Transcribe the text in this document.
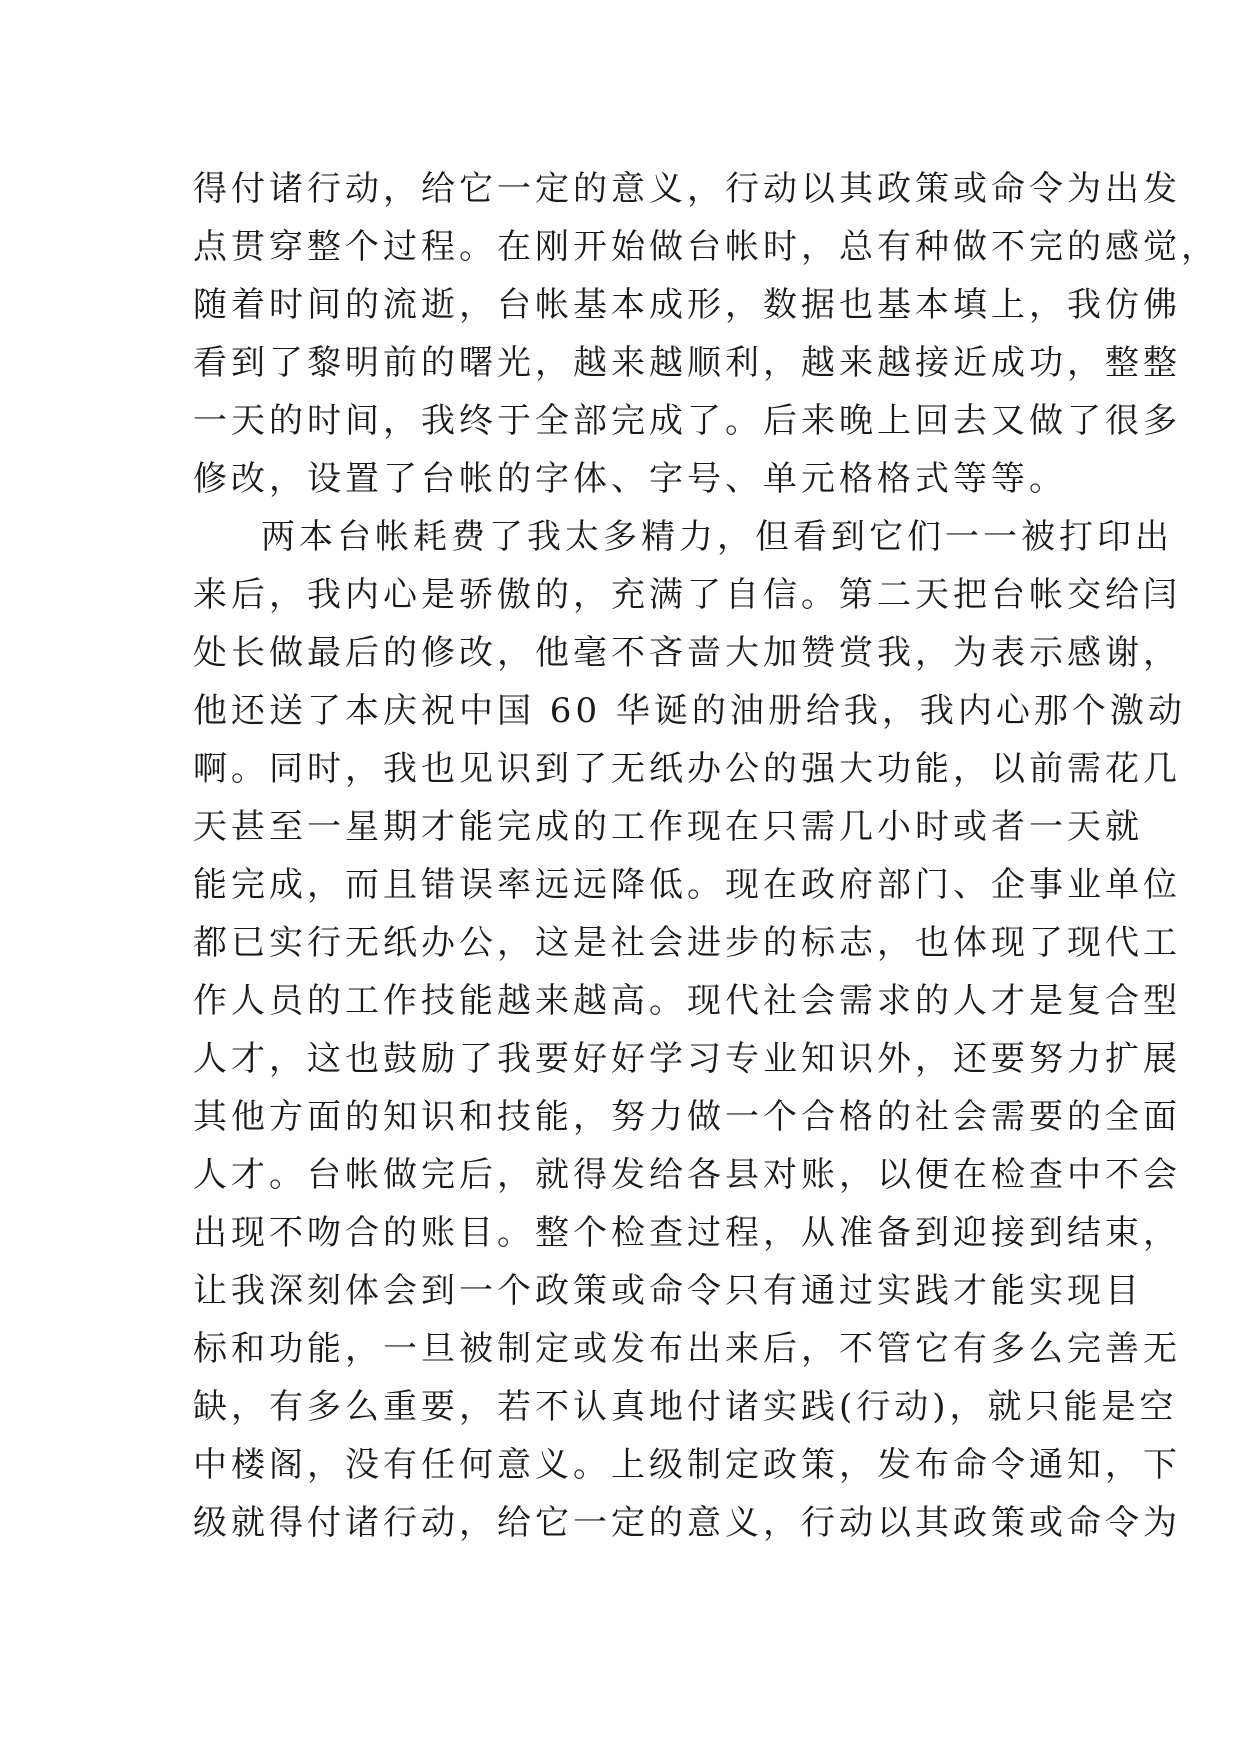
得付诸行动，给它一定的意义，行动以其政策或命令为出发
点贯穿整个过程。在刚开始做台帐时，总有种做不完的感觉，
随着时间的流逝，台帐基本成形，数据也基本填上，我仿佛
看到了黎明前的曙光，越来越顺利，越来越接近成功，整整
一天的时间，我终于全部完成了。后来晚上回去又做了很多
修改，设置了台帐的字体、字号、单元格格式等等。
两本台帐耗费了我太多精力，但看到它们一一被打印出
来后，我内心是骄傲的，充满了自信。第二天把台帐交给闫
处长做最后的修改，他毫不吝啬大加赞赏我，为表示感谢，
他还送了本庆祝中国 60 华诞的油册给我，我内心那个激动
啊。同时，我也见识到了无纸办公的强大功能，以前需花几
天甚至一星期才能完成的工作现在只需几小时或者一天就
能完成，而且错误率远远降低。现在政府部门、企事业单位
都已实行无纸办公，这是社会进步的标志，也体现了现代工
作人员的工作技能越来越高。现代社会需求的人才是复合型
人才，这也鼓励了我要好好学习专业知识外，还要努力扩展
其他方面的知识和技能，努力做一个合格的社会需要的全面
人才。台帐做完后，就得发给各县对账，以便在检查中不会
出现不吻合的账目。整个检查过程，从准备到迎接到结束，
让我深刻体会到一个政策或命令只有通过实践才能实现目
标和功能，一旦被制定或发布出来后，不管它有多么完善无
缺，有多么重要，若不认真地付诸实践(行动)，就只能是空
中楼阁，没有任何意义。上级制定政策，发布命令通知，下
级就得付诸行动，给它一定的意义，行动以其政策或命令为
